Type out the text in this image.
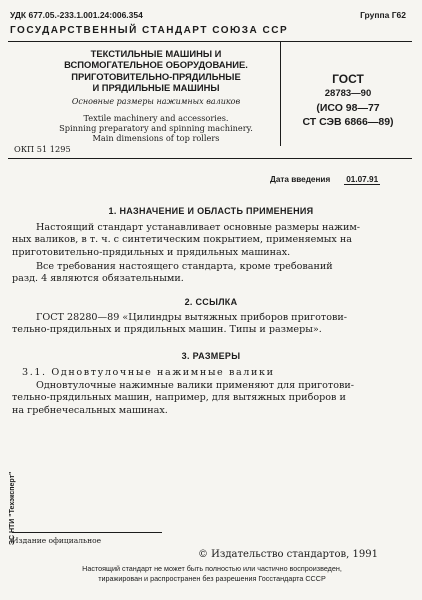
УДК 677.05.-233.1.001.24:006.354	Группа Г62
ГОСУДАРСТВЕННЫЙ СТАНДАРТ СОЮЗА ССР
ТЕКСТИЛЬНЫЕ МАШИНЫ И
ВСПОМОГАТЕЛЬНОЕ ОБОРУДОВАНИЕ.
ПРИГОТОВИТЕЛЬНО-ПРЯДИЛЬНЫЕ
И ПРЯДИЛЬНЫЕ МАШИНЫ
Основные размеры нажимных валиков
Textile machinery and accessories.
Spinning preparatory and spinning machinery.
Main dimensions of top rollers
ОКП 51 1295
ГОСТ
28783—90
(ИСО 98—77
СТ СЭВ 6866—89)
Дата введения 01.07.91
1. НАЗНАЧЕНИЕ И ОБЛАСТЬ ПРИМЕНЕНИЯ
Настоящий стандарт устанавливает основные размеры нажим-
ных валиков, в т. ч. с синтетическим покрытием, применяемых на
приготовительно-прядильных и прядильных машинах.
Все требования настоящего стандарта, кроме требований
разд. 4 являются обязательными.
2. ССЫЛКА
ГОСТ 28280—89 «Цилиндры вытяжных приборов приготови-
тельно-прядильных и прядильных машин. Типы и размеры».
3. РАЗМЕРЫ
3.1. Одновтулочные нажимные валики
Одновтулочные нажимные валики применяют для приготови-
тельно-прядильных машин, например, для вытяжных приборов и
на гребнечесальных машинах.
ЭС НТИ "Техэксперт"
Издание официальное
© Издательство стандартов, 1991
Настоящий стандарт не может быть полностью или частично воспроизведен,
тиражирован и распространен без разрешения Госстандарта СССР
